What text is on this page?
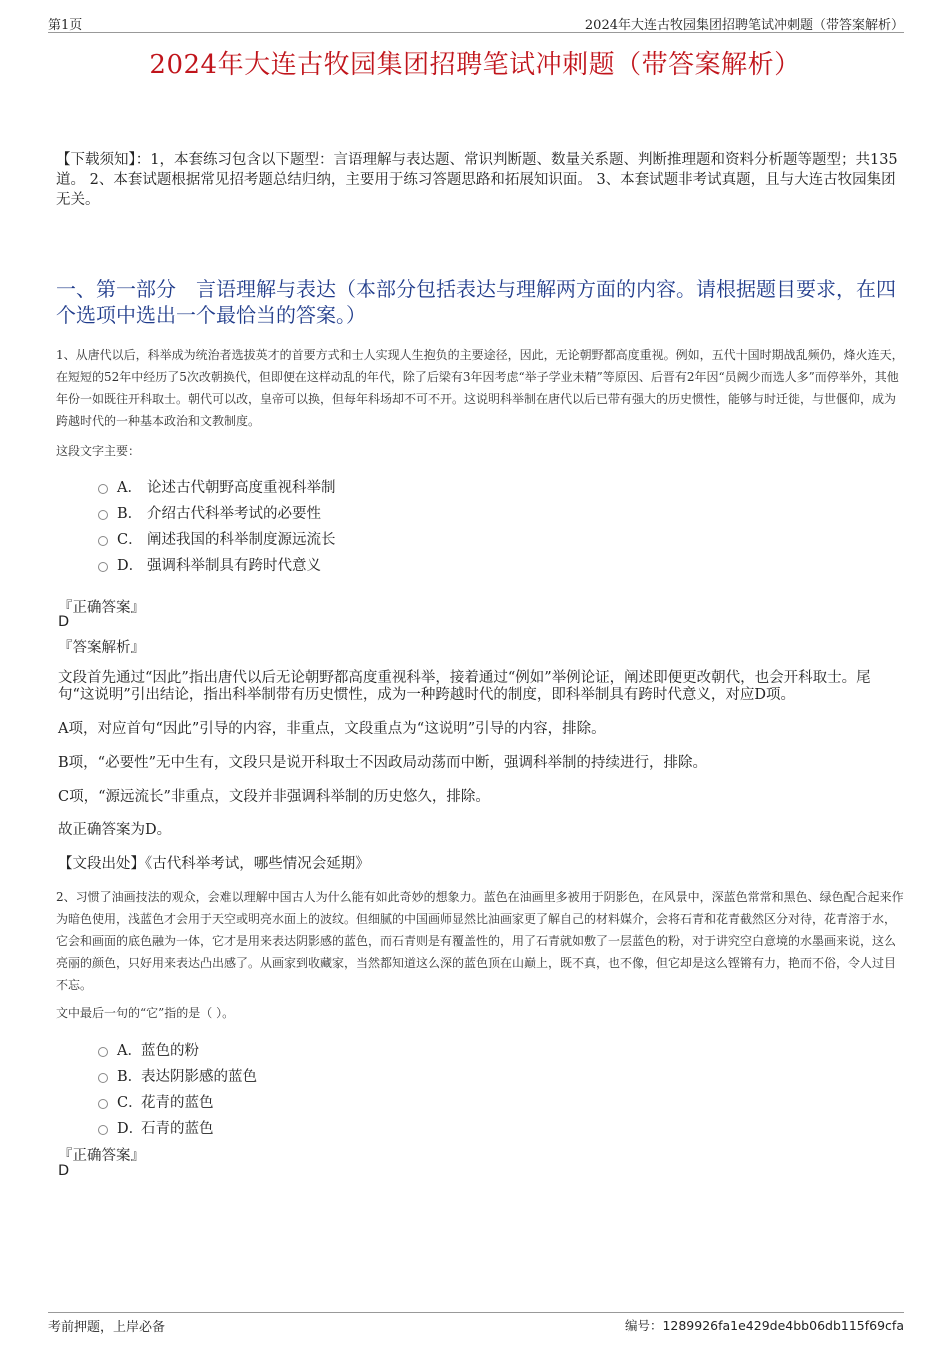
第1页	2024年大连古牧园集团招聘笔试冲刺题（带答案解析）
2024年大连古牧园集团招聘笔试冲刺题（带答案解析）
【下载须知】：1，本套练习包含以下题型：言语理解与表达题、常识判断题、数量关系题、判断推理题和资料分析题等题型；共135道。 2、本套试题根据常见招考题总结归纳，主要用于练习答题思路和拓展知识面。 3、本套试题非考试真题，且与大连古牧园集团无关。
一、第一部分　言语理解与表达（本部分包括表达与理解两方面的内容。请根据题目要求，在四个选项中选出一个最恰当的答案。）
1、从唐代以后，科举成为统治者选拔英才的首要方式和士人实现人生抱负的主要途径，因此，无论朝野都高度重视。例如，五代十国时期战乱频仍，烽火连天，在短短的52年中经历了5次改朝换代，但即便在这样动乱的年代，除了后梁有3年因考虑“举子学业未精”等原因、后晋有2年因“员阙少而选人多”而停举外，其他年份一如既往开科取士。朝代可以改，皇帝可以换，但每年科场却不可不开。这说明科举制在唐代以后已带有强大的历史惯性，能够与时迁徙，与世偃仰，成为跨越时代的一种基本政治和文教制度。
这段文字主要：
A． 论述古代朝野高度重视科举制
B． 介绍古代科举考试的必要性
C． 阐述我国的科举制度源远流长
D． 强调科举制具有跨时代意义
『正确答案』
D
『答案解析』
文段首先通过“因此”指出唐代以后无论朝野都高度重视科举，接着通过“例如”举例论证，阐述即便更改朝代，也会开科取士。尾句“这说明”引出结论，指出科举制带有历史惯性，成为一种跨越时代的制度，即科举制具有跨时代意义，对应D项。
A项，对应首句“因此”引导的内容，非重点，文段重点为“这说明”引导的内容，排除。
B项，“必要性”无中生有，文段只是说开科取士不因政局动荡而中断，强调科举制的持续进行，排除。
C项，“源远流长”非重点，文段并非强调科举制的历史悠久，排除。
故正确答案为D。
【文段出处】《古代科举考试，哪些情况会延期》
2、习惯了油画技法的观众，会难以理解中国古人为什么能有如此奇妙的想象力。蓝色在油画里多被用于阴影色，在风景中，深蓝色常常和黑色、绿色配合起来作为暗色使用，浅蓝色才会用于天空或明亮水面上的波纹。但细腻的中国画师显然比油画家更了解自己的材料媒介，会将石青和花青截然区分对待，花青溶于水，它会和画面的底色融为一体，它才是用来表达阴影感的蓝色，而石青则是有覆盖性的，用了石青就如敷了一层蓝色的粉，对于讲究空白意境的水墨画来说，这么亮丽的颜色，只好用来表达凸出感了。从画家到收藏家，当然都知道这么深的蓝色顶在山巅上，既不真，也不像，但它却是这么铿锵有力，艳而不俗，令人过目不忘。
文中最后一句的“它”指的是（ ）。
A． 蓝色的粉
B．
表达阴影感的蓝色
C．
花青的蓝色
D．
石青的蓝色
『正确答案』
D
考前押题，上岸必备	编号：1289926fa1e429de4bb06db115f69cfa
